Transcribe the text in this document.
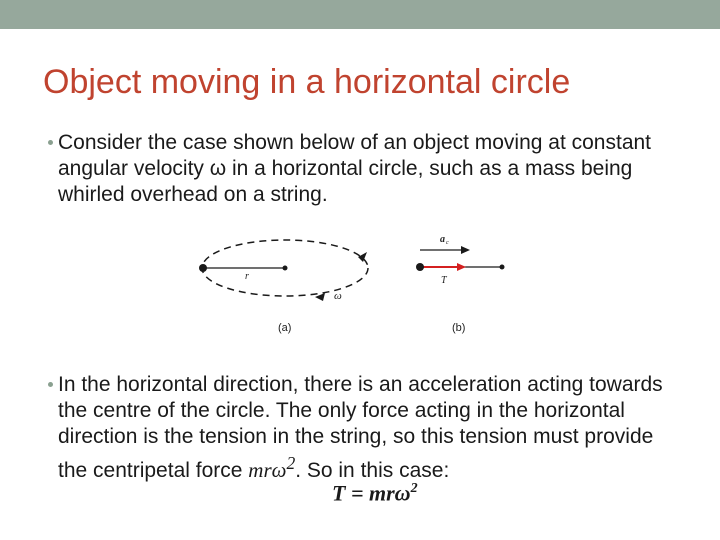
Object moving in a horizontal circle
Consider the case shown below of an object moving at constant angular velocity ω in a horizontal circle, such as a mass being whirled overhead on a string.
r
ω
a c
T
(a)	(b)
In the horizontal direction, there is an acceleration acting towards the centre of the circle. The only force acting in the horizontal direction is the tension in the string, so this tension must provide the centripetal force mrω$^2$. So in this case:
T = mrω$^2$
